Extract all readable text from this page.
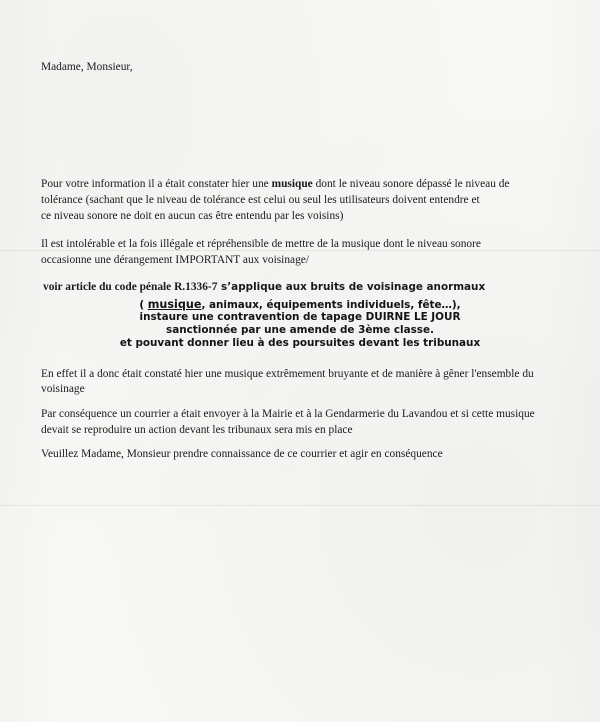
Madame, Monsieur,
Pour votre information il a était constater hier une musique dont le niveau sonore dépassé le niveau de
tolérance (sachant que le niveau de tolérance est celui ou seul les utilisateurs doivent entendre et
ce niveau sonore ne doit en aucun cas être entendu par les voisins)
Il est intolérable et la fois illégale et répréhensible de mettre de la musique dont le niveau sonore
occasionne une dérangement IMPORTANT aux voisinage/
voir article du code pénale R.1336-7 s’applique aux bruits de voisinage anormaux
( musique, animaux, équipements individuels, fête…),
instaure une contravention de tapage DUIRNE LE JOUR
sanctionnée par une amende de 3ème classe.
et pouvant donner lieu à des poursuites devant les tribunaux
En effet il a donc était constaté hier une musique extrêmement bruyante et de manière à gêner l'ensemble du
voisinage
Par conséquence un courrier a était envoyer à la Mairie et à la Gendarmerie du Lavandou et si cette musique
devait se reproduire un action devant les tribunaux sera mis en place
Veuillez Madame, Monsieur prendre connaissance de ce courrier et agir en conséquence
